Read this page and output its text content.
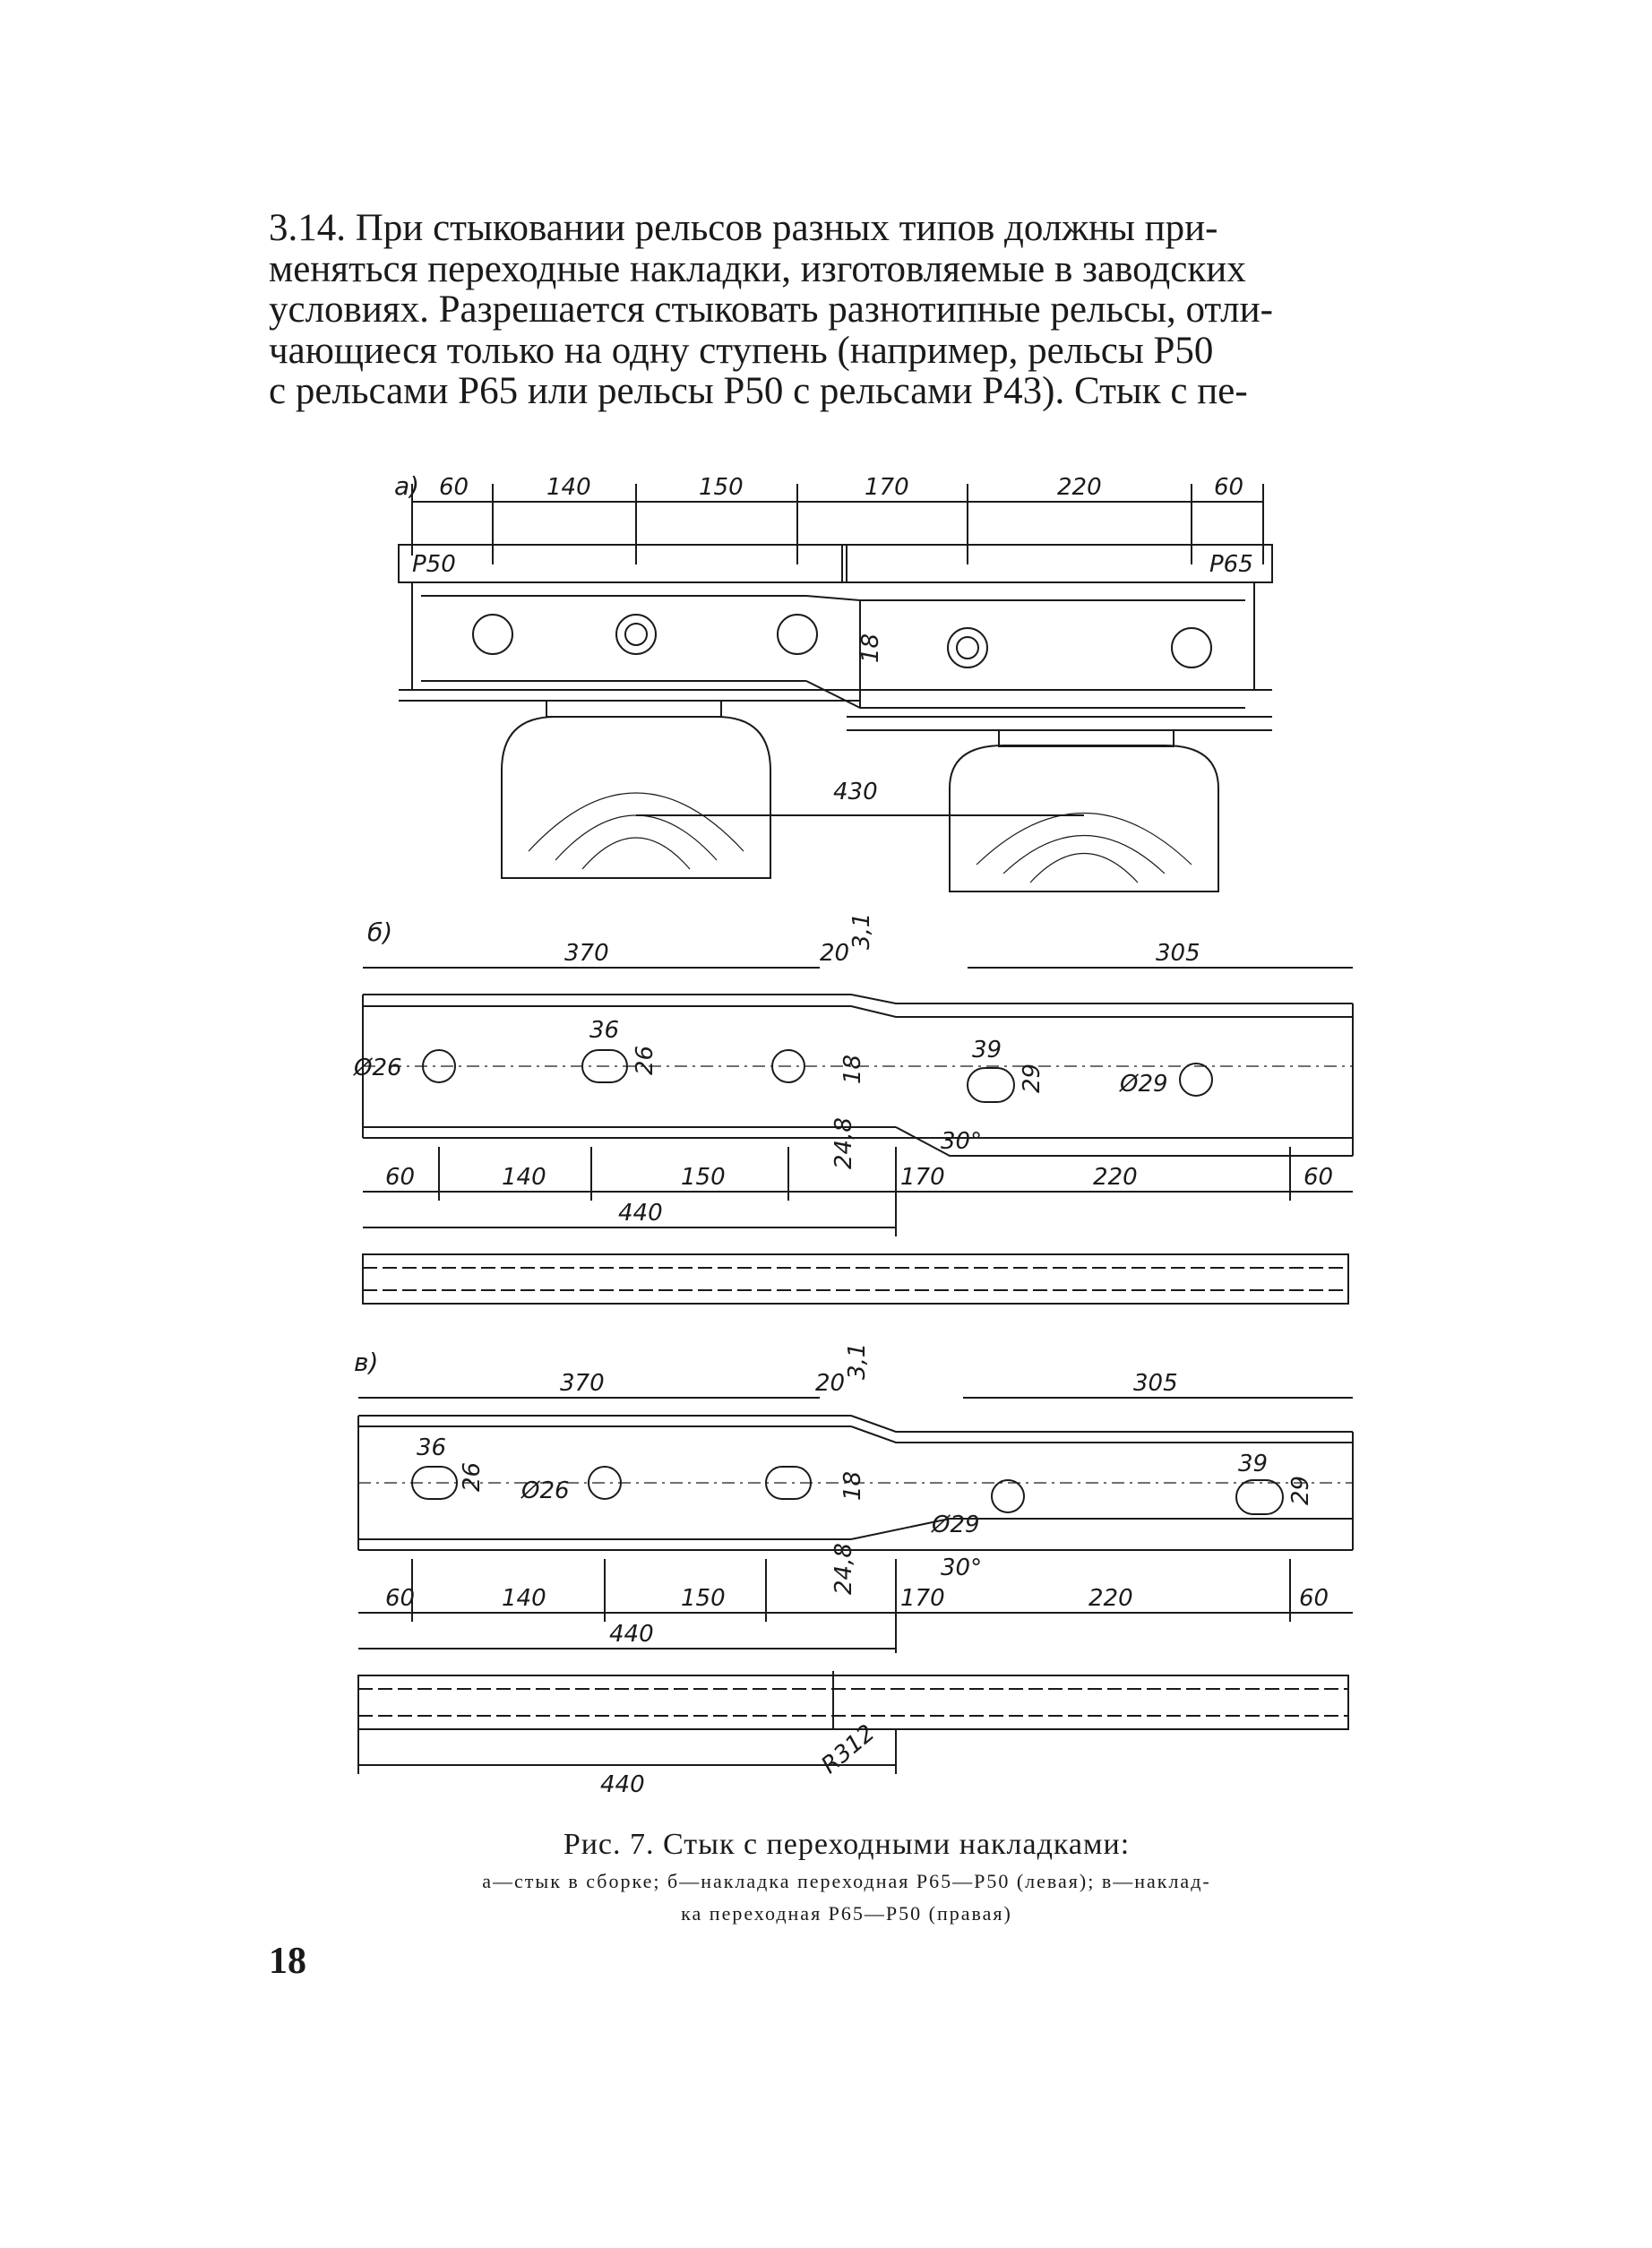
3.14. При стыковании рельсов разных типов должны при-
меняться переходные накладки, изготовляемые в заводских
условиях. Разрешается стыковать разнотипные рельсы, отли-
чающиеся только на одну ступень (например, рельсы Р50
с рельсами Р65 или рельсы Р50 с рельсами Р43). Стык с пе-
а) 60	140	150	170	220	60
Р50	Р65
18
430
б)
370	20
3,1
305
Ø26
36
26	39
29	Ø29
18
24,8	30°
60	140	150	170	220	60
440
в)
370	20
3,1
305
36
26 Ø26
39
29
Ø29
18
24,8	30°
60	140	150	170	220	60
440
440
R312
Рис. 7. Стык с переходными накладками:
а—стык в сборке; б—накладка переходная Р65—Р50 (левая); в—наклад-
ка переходная Р65—Р50 (правая)
18
